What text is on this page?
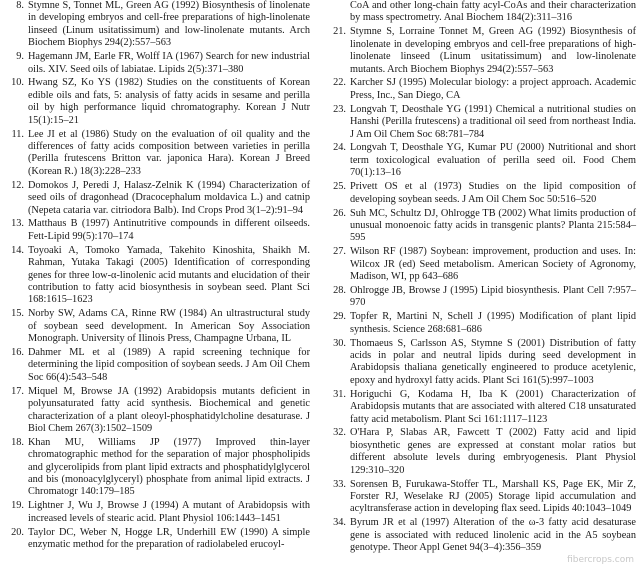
8. Stymne S, Tonnet ML, Green AG (1992) Biosynthesis of linolenate in developing embryos and cell-free preparations of high-linolenate linseed (Linum usitatissimum) and low-linolenate mutants. Arch Biochem Biophys 294(2):557–563
9. Hagemann JM, Earle FR, Wolff IA (1967) Search for new industrial oils. XIV. Seed oils of labiatae. Lipids 2(5):371–380
10. Hwang SZ, Ko YS (1982) Studies on the constituents of Korean edible oils and fats, 5: analysis of fatty acids in sesame and perilla oil by high performance liquid chromatography. Korean J Nutr 15(1):15–21
11. Lee JI et al (1986) Study on the evaluation of oil quality and the differences of fatty acids composition between varieties in perilla (Perilla frutescens Britton var. japonica Hara). Korean J Breed (Korean R.) 18(3):228–233
12. Domokos J, Peredi J, Halasz-Zelnik K (1994) Characterization of seed oils of dragonhead (Dracocephalum moldavica L.) and catnip (Nepeta cataria var. citriodora Balb). Ind Crops Prod 3(1–2):91–94
13. Matthaus B (1997) Antinutritive compounds in different oilseeds. Fett-Lipid 99(5):170–174
14. Toyoaki A, Tomoko Yamada, Takehito Kinoshita, Shaikh M. Rahman, Yutaka Takagi (2005) Identification of corresponding genes for three low-α-linolenic acid mutants and elucidation of their contribution to fatty acid biosynthesis in soybean seed. Plant Sci 168:1615–1623
15. Norby SW, Adams CA, Rinne RW (1984) An ultrastructural study of soybean seed development. In American Soy Association Monograph. University of Ilinois Press, Champagne Urbana, IL
16. Dahmer ML et al (1989) A rapid screening technique for determining the lipid composition of soybean seeds. J Am Oil Chem Soc 66(4):543–548
17. Miquel M, Browse JA (1992) Arabidopsis mutants deficient in polyunsaturated fatty acid synthesis. Biochemical and genetic characterization of a plant oleoyl-phosphatidylcholine desaturase. J Biol Chem 267(3):1502–1509
18. Khan MU, Williams JP (1977) Improved thin-layer chromatographic method for the separation of major phospholipids and glycerolipids from plant lipid extracts and phosphatidylglycerol and bis (monoacylglyceryl) phosphate from animal lipid extracts. J Chromatogr 140:179–185
19. Lightner J, Wu J, Browse J (1994) A mutant of Arabidopsis with increased levels of stearic acid. Plant Physiol 106:1443–1451
20. Taylor DC, Weber N, Hogge LR, Underhill EW (1990) A simple enzymatic method for the preparation of radiolabeled erucoyl-
CoA and other long-chain fatty acyl-CoAs and their characterization by mass spectrometry. Anal Biochem 184(2):311–316
21. Stymne S, Lorraine Tonnet M, Green AG (1992) Biosynthesis of linolenate in developing embryos and cell-free preparations of high-linolenate linseed (Linum usitatissimum) and low-linolenate mutants. Arch Biochem Biophys 294(2):557–563
22. Karcher SJ (1995) Molecular biology: a project approach. Academic Press, Inc., San Diego, CA
23. Longvah T, Deosthale YG (1991) Chemical a nutritional studies on Hanshi (Perilla frutescens) a traditional oil seed from northeast India. J Am Oil Chem Soc 68:781–784
24. Longvah T, Deosthale YG, Kumar PU (2000) Nutritional and short term toxicological evaluation of perilla seed oil. Food Chem 70(1):13–16
25. Privett OS et al (1973) Studies on the lipid composition of developing soybean seeds. J Am Oil Chem Soc 50:516–520
26. Suh MC, Schultz DJ, Ohlrogge TB (2002) What limits production of unusual monoenoic fatty acids in transgenic plants? Planta 215:584–595
27. Wilson RF (1987) Soybean: improvement, production and uses. In: Wilcox JR (ed) Seed metabolism. American Society of Agronomy, Madison, WI, pp 643–686
28. Ohlrogge JB, Browse J (1995) Lipid biosynthesis. Plant Cell 7:957–970
29. Topfer R, Martini N, Schell J (1995) Modification of plant lipid synthesis. Science 268:681–686
30. Thomaeus S, Carlsson AS, Stymne S (2001) Distribution of fatty acids in polar and neutral lipids during seed development in Arabidopsis thaliana genetically engineered to produce acetylenic, epoxy and hydroxyl fatty acids. Plant Sci 161(5):997–1003
31. Horiguchi G, Kodama H, Iba K (2001) Characterization of Arabidopsis mutants that are associated with altered C18 unsaturated fatty acid metabolism. Plant Sci 161:1117–1123
32. O'Hara P, Slabas AR, Fawcett T (2002) Fatty acid and lipid biosynthetic genes are expressed at constant molar ratios but different absolute levels during embryogenesis. Plant Physiol 129:310–320
33. Sorensen B, Furukawa-Stoffer TL, Marshall KS, Page EK, Mir Z, Forster RJ, Weselake RJ (2005) Storage lipid accumulation and acyltransferase action in developing flax seed. Lipids 40:1043–1049
34. Byrum JR et al (1997) Alteration of the ω-3 fatty acid desaturase gene is associated with reduced linolenic acid in the A5 soybean genotype. Theor Appl Genet 94(3–4):356–359
fibercrops.com
